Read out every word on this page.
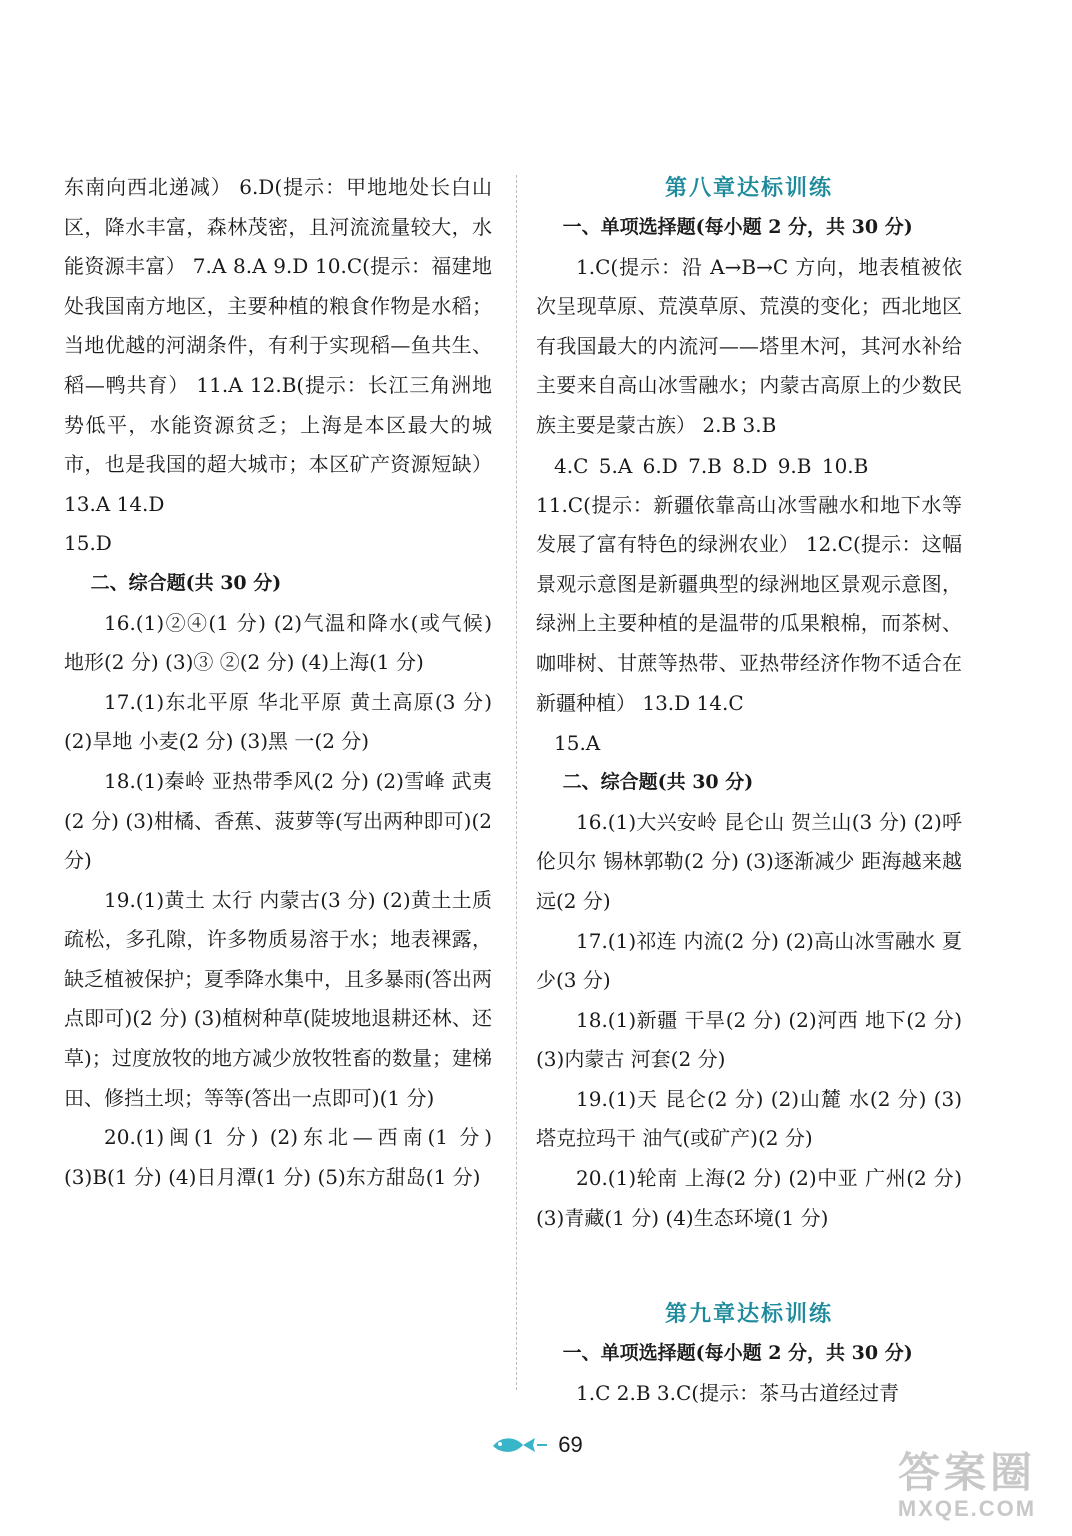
东南向西北递减） 6.D(提示：甲地地处长白山区，降水丰富，森林茂密，且河流流量较大，水能资源丰富） 7.A 8.A 9.D 10.C(提示：福建地处我国南方地区，主要种植的粮食作物是水稻；当地优越的河湖条件，有利于实现稻—鱼共生、稻—鸭共育） 11.A 12.B(提示：长江三角洲地势低平，水能资源贫乏；上海是本区最大的城市，也是我国的超大城市；本区矿产资源短缺） 13.A 14.D

15.D

二、综合题(共 30 分)

16.(1)②④(1 分) (2)气温和降水(或气候) 地形(2 分) (3)③ ②(2 分) (4)上海(1 分)

17.(1)东北平原 华北平原 黄土高原(3 分) (2)旱地 小麦(2 分) (3)黑 一(2 分)

18.(1)秦岭 亚热带季风(2 分) (2)雪峰 武夷(2 分) (3)柑橘、香蕉、菠萝等(写出两种即可)(2 分)

19.(1)黄土 太行 内蒙古(3 分) (2)黄土土质疏松，多孔隙，许多物质易溶于水；地表裸露，缺乏植被保护；夏季降水集中，且多暴雨(答出两点即可)(2 分) (3)植树种草(陡坡地退耕还林、还草)；过度放牧的地方减少放牧牲畜的数量；建梯田、修挡土坝；等等(答出一点即可)(1 分)

20.(1)闽(1 分) (2)东北—西南(1 分) (3)B(1 分) (4)日月潭(1 分) (5)东方甜岛(1 分)

第八章达标训练

一、单项选择题(每小题 2 分，共 30 分)

1.C(提示：沿 A→B→C 方向，地表植被依次呈现草原、荒漠草原、荒漠的变化；西北地区有我国最大的内流河——塔里木河，其河水补给主要来自高山冰雪融水；内蒙古高原上的少数民族主要是蒙古族） 2.B 3.B

4.C 5.A 6.D 7.B 8.D 9.B 10.B

11.C(提示：新疆依靠高山冰雪融水和地下水等发展了富有特色的绿洲农业） 12.C(提示：这幅景观示意图是新疆典型的绿洲地区景观示意图，绿洲上主要种植的是温带的瓜果粮棉，而茶树、咖啡树、甘蔗等热带、亚热带经济作物不适合在新疆种植） 13.D 14.C

15.A

二、综合题(共 30 分)

16.(1)大兴安岭 昆仑山 贺兰山(3 分) (2)呼伦贝尔 锡林郭勒(2 分) (3)逐渐减少 距海越来越远(2 分)

17.(1)祁连 内流(2 分) (2)高山冰雪融水 夏 少(3 分)

18.(1)新疆 干旱(2 分) (2)河西 地下(2 分) (3)内蒙古 河套(2 分)

19.(1)天 昆仑(2 分) (2)山麓 水(2 分) (3)塔克拉玛干 油气(或矿产)(2 分)

20.(1)轮南 上海(2 分) (2)中亚 广州(2 分) (3)青藏(1 分) (4)生态环境(1 分)

第九章达标训练

一、单项选择题(每小题 2 分，共 30 分)

1.C 2.B 3.C(提示：茶马古道经过青

69
答案圈
MXQE.COM
